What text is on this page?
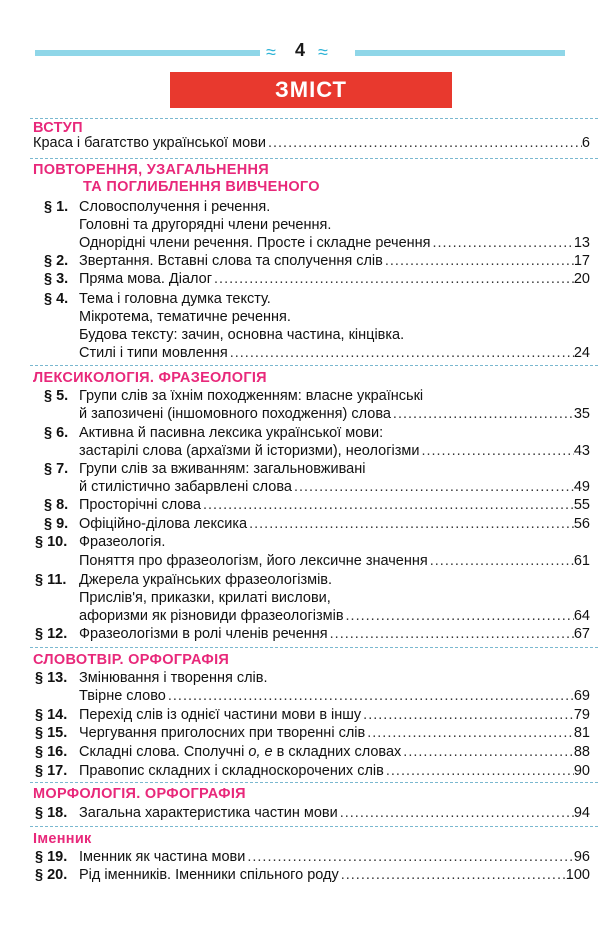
≈ ≈
4
ЗМІСТ
ВСТУП
Краса і багатство української мови .....	6
ПОВТОРЕННЯ, УЗАГАЛЬНЕННЯ
ТА ПОГЛИБЛЕННЯ ВИВЧЕНОГО
§ 1. Словосполучення і речення.
Головні та другорядні члени речення.
Однорідні члени речення. Просте і складне речення .....	13
§ 2. Звертання. Вставні слова та сполучення слів .....	17
§ 3. Пряма мова. Діалог .....	20
§ 4. Тема і головна думка тексту.
Мікротема, тематичне речення.
Будова тексту: зачин, основна частина, кінцівка.
Стилі і типи мовлення .....	24
ЛЕКСИКОЛОГІЯ. ФРАЗЕОЛОГІЯ
§ 5. Групи слів за їхнім походженням: власне українські
й запозичені (іншомовного походження) слова .....	35
§ 6. Активна й пасивна лексика української мови:
застарілі слова (архаїзми й історизми), неологізми .....	43
§ 7. Групи слів за вживанням: загальновживані
й стилістично забарвлені слова .....	49
§ 8. Просторічні слова .....	55
§ 9. Офіційно-ділова лексика .....	56
§ 10. Фразеологія.
Поняття про фразеологізм, його лексичне значення .....	61
§ 11. Джерела українських фразеологізмів.
Прислів'я, приказки, крилаті вислови,
афоризми як різновиди фразеологізмів .....	64
§ 12. Фразеологізми в ролі членів речення .....	67
СЛОВОТВІР. ОРФОГРАФІЯ
§ 13. Змінювання і творення слів.
Твірне слово .....	69
§ 14. Перехід слів із однієї частини мови в іншу .....	79
§ 15. Чергування приголосних при творенні слів .....	81
§ 16. Складні слова. Сполучні о, е в складних словах .....	88
§ 17. Правопис складних і складноскорочених слів .....	90
МОРФОЛОГІЯ. ОРФОГРАФІЯ
§ 18. Загальна характеристика частин мови .....	94
Іменник
§ 19. Іменник як частина мови .....	96
§ 20. Рід іменників. Іменники спільного роду .....	100
